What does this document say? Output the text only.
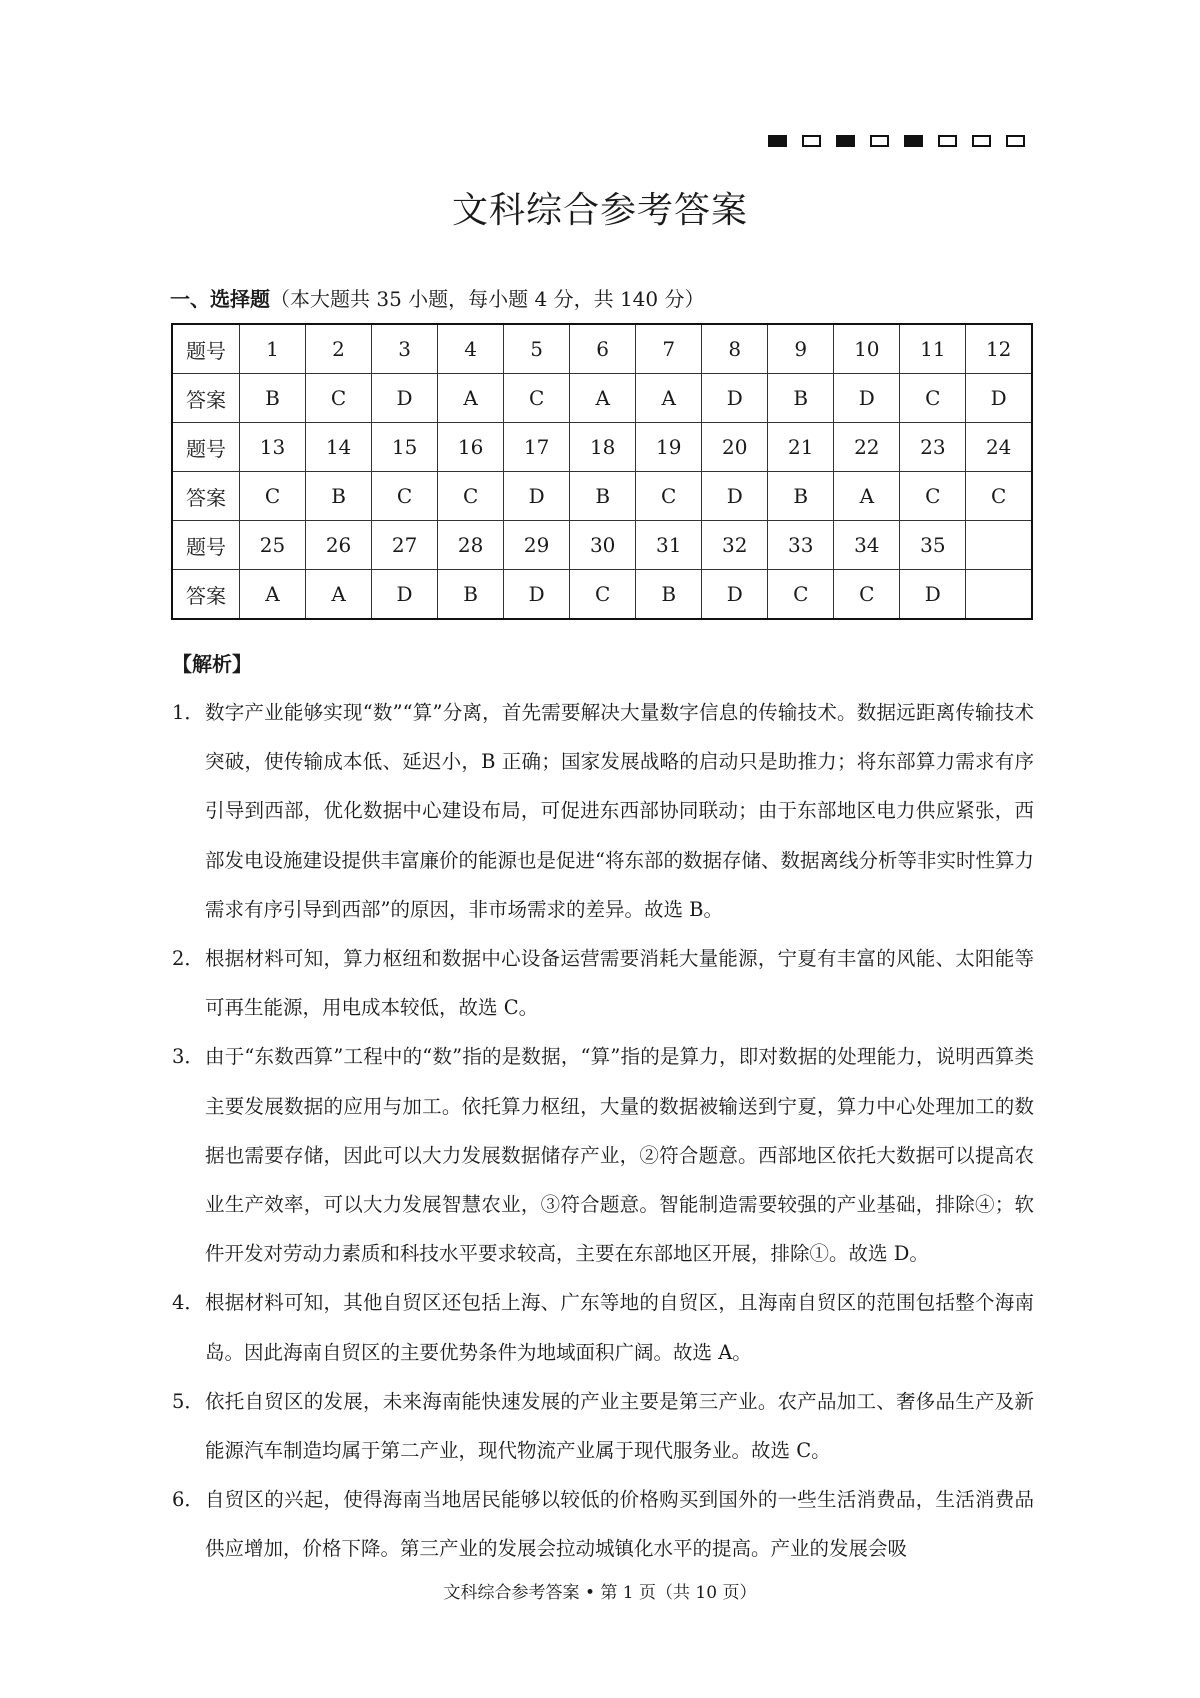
文科综合参考答案
一、选择题（本大题共 35 小题，每小题 4 分，共 140 分）
题号	1	2	3	4	5	6	7	8	9	10	11	12
答案	B	C	D	A	C	A	A	D	B	D	C	D
题号	13	14	15	16	17	18	19	20	21	22	23	24
答案	C	B	C	C	D	B	C	D	B	A	C	C
题号	25	26	27	28	29	30	31	32	33	34	35	
答案	A	A	D	B	D	C	B	D	C	C	D	
【解析】
1． 数字产业能够实现“数”“算”分离，首先需要解决大量数字信息的传输技术。数据远距离传输技术突破，使传输成本低、延迟小，B 正确；国家发展战略的启动只是助推力；将东部算力需求有序引导到西部，优化数据中心建设布局，可促进东西部协同联动；由于东部地区电力供应紧张，西部发电设施建设提供丰富廉价的能源也是促进“将东部的数据存储、数据离线分析等非实时性算力需求有序引导到西部”的原因，非市场需求的差异。故选 B。
2． 根据材料可知，算力枢纽和数据中心设备运营需要消耗大量能源，宁夏有丰富的风能、太阳能等可再生能源，用电成本较低，故选 C。
3． 由于“东数西算”工程中的“数”指的是数据，“算”指的是算力，即对数据的处理能力，说明西算类主要发展数据的应用与加工。依托算力枢纽，大量的数据被输送到宁夏，算力中心处理加工的数据也需要存储，因此可以大力发展数据储存产业，②符合题意。西部地区依托大数据可以提高农业生产效率，可以大力发展智慧农业，③符合题意。智能制造需要较强的产业基础，排除④；软件开发对劳动力素质和科技水平要求较高，主要在东部地区开展，排除①。故选 D。
4． 根据材料可知，其他自贸区还包括上海、广东等地的自贸区，且海南自贸区的范围包括整个海南岛。因此海南自贸区的主要优势条件为地域面积广阔。故选 A。
5． 依托自贸区的发展，未来海南能快速发展的产业主要是第三产业。农产品加工、奢侈品生产及新能源汽车制造均属于第二产业，现代物流产业属于现代服务业。故选 C。
6． 自贸区的兴起，使得海南当地居民能够以较低的价格购买到国外的一些生活消费品，生活消费品供应增加，价格下降。第三产业的发展会拉动城镇化水平的提高。产业的发展会吸
文科综合参考答案 • 第 1 页（共 10 页）
